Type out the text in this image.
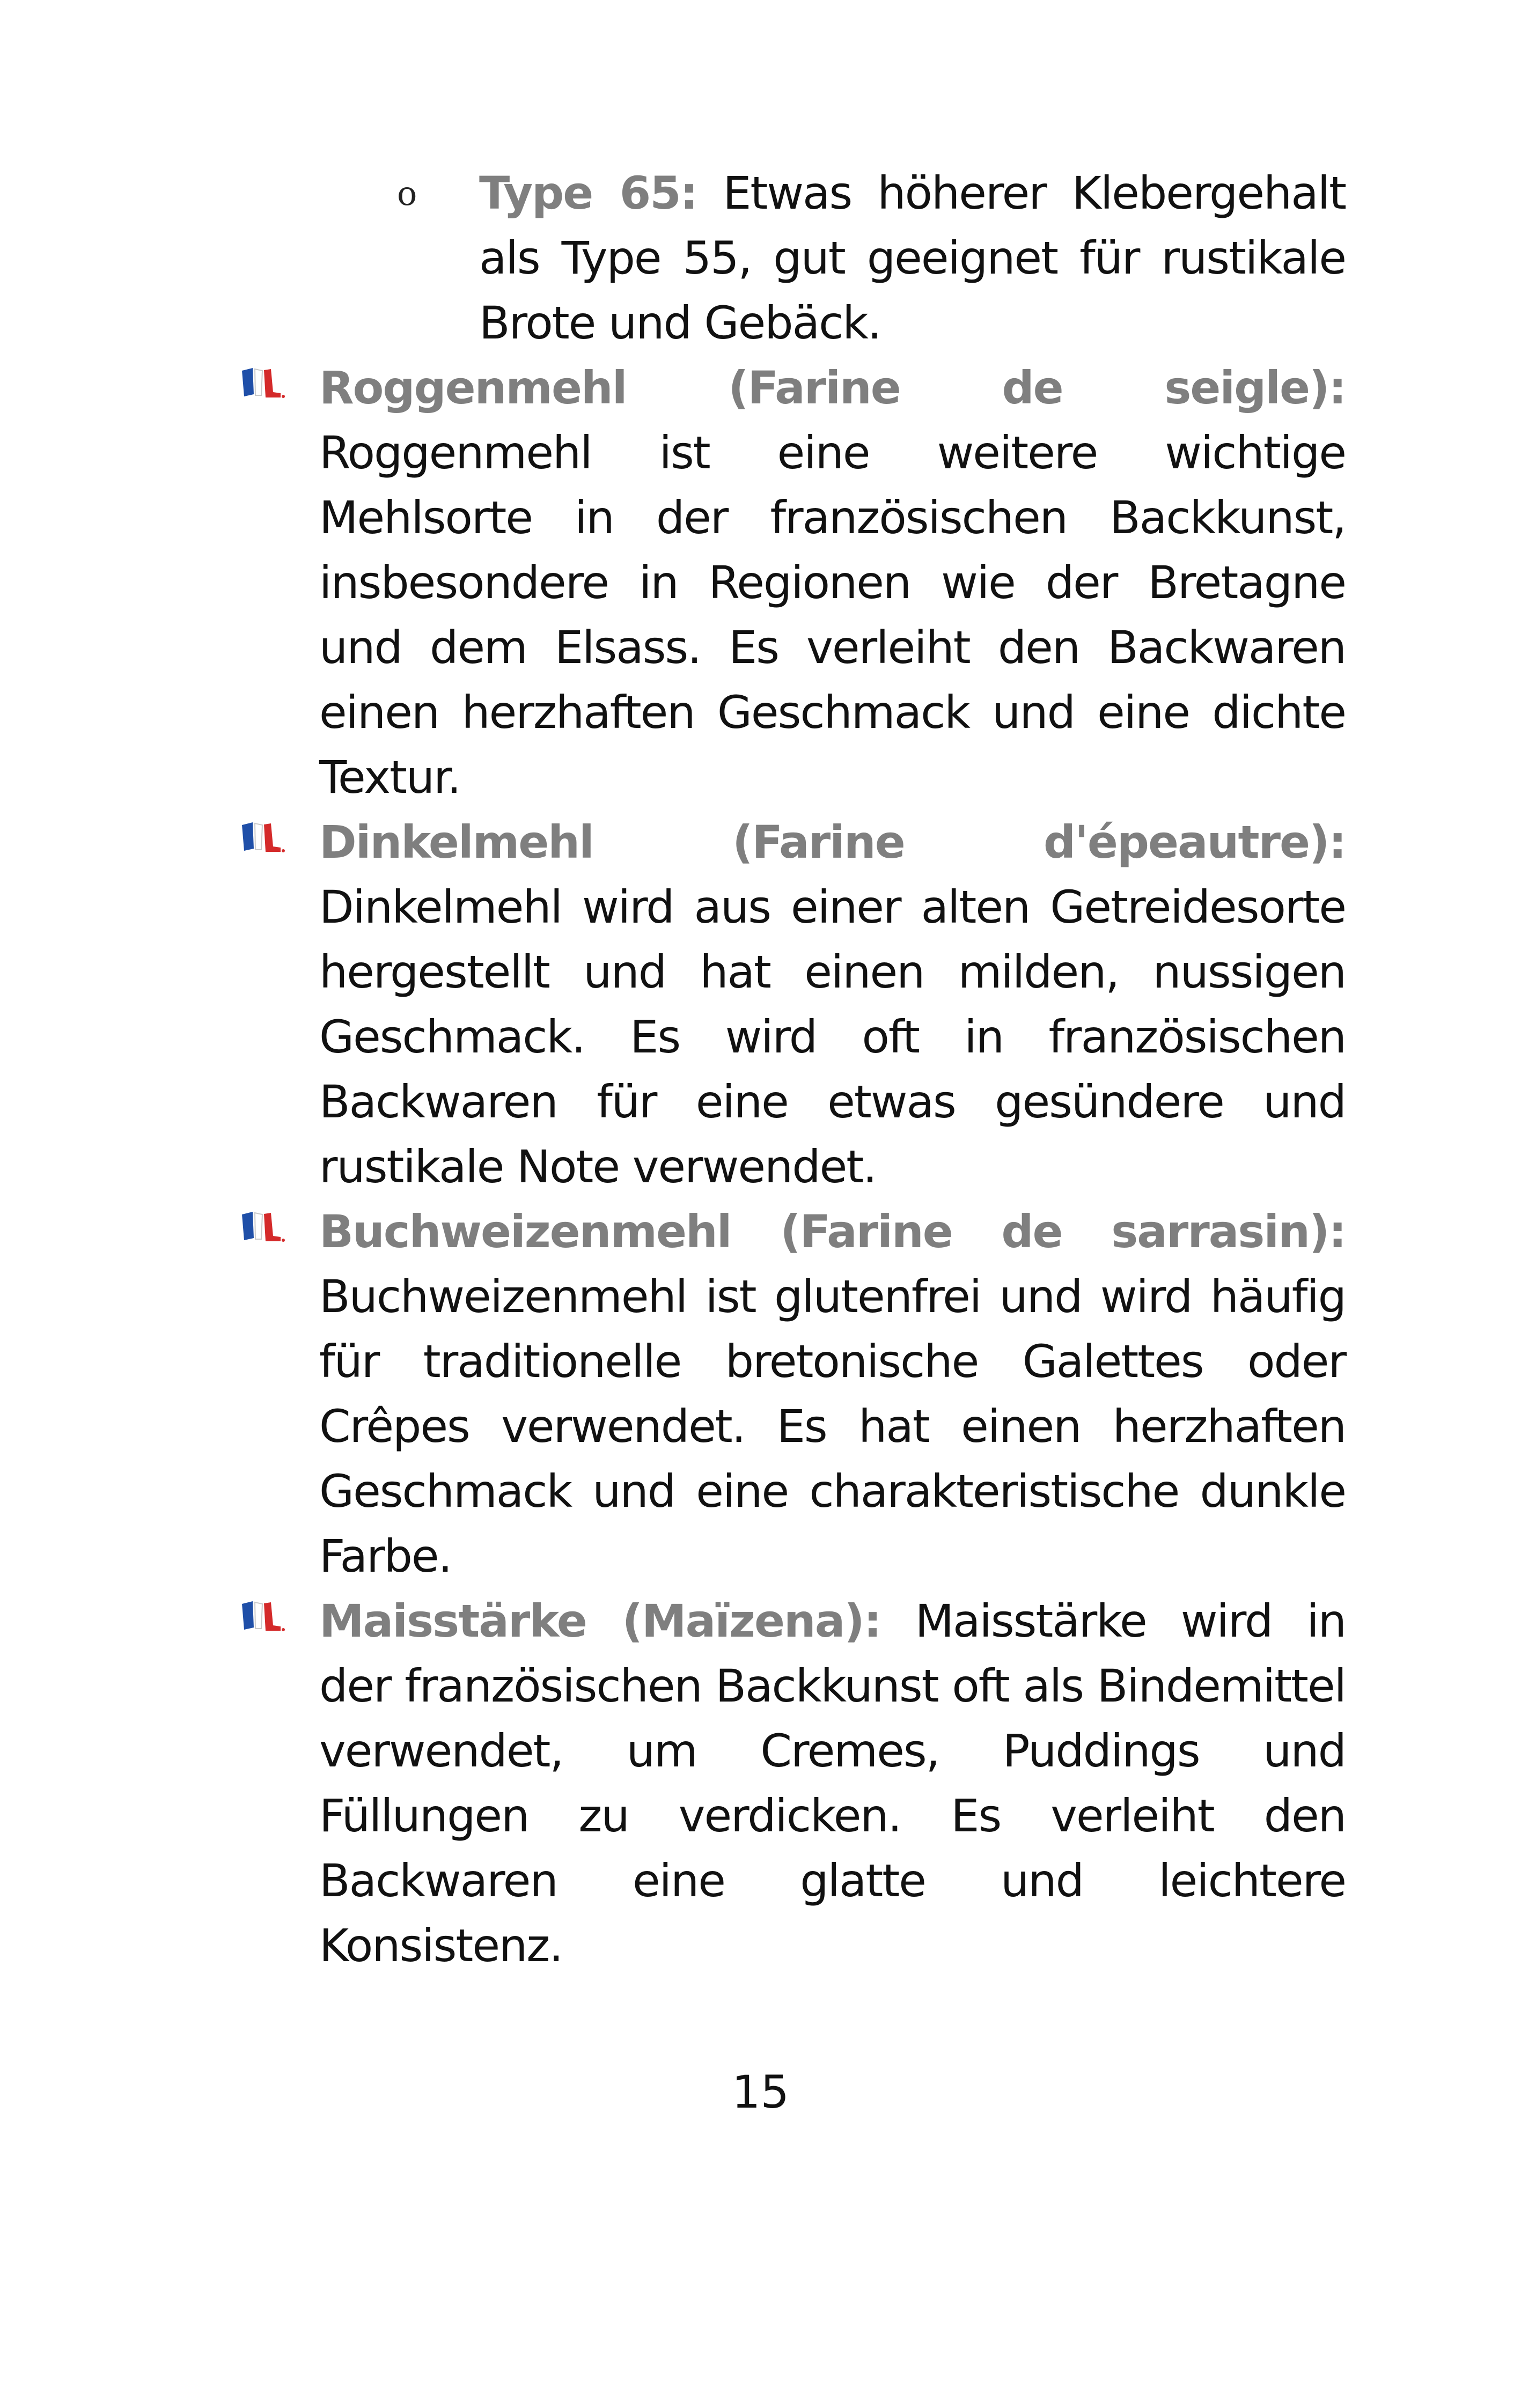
o Type 65: Etwas höherer Klebergehalt als Type 55, gut geeignet für rustikale Brote und Gebäck.

Roggenmehl (Farine de seigle): Roggenmehl ist eine weitere wichtige Mehlsorte in der französischen Backkunst, insbesondere in Regionen wie der Bretagne und dem Elsass. Es verleiht den Backwaren einen herzhaften Geschmack und eine dichte Textur.

Dinkelmehl (Farine d'épeautre): Dinkelmehl wird aus einer alten Getreidesorte hergestellt und hat einen milden, nussigen Geschmack. Es wird oft in französischen Backwaren für eine etwas gesündere und rustikale Note verwendet.

Buchweizenmehl (Farine de sarrasin): Buchweizenmehl ist glutenfrei und wird häufig für traditionelle bretonische Galettes oder Crêpes verwendet. Es hat einen herzhaften Geschmack und eine charakteristische dunkle Farbe.

Maisstärke (Maïzena): Maisstärke wird in der französischen Backkunst oft als Bindemittel verwendet, um Cremes, Puddings und Füllungen zu verdicken. Es verleiht den Backwaren eine glatte und leichtere Konsistenz.

15
